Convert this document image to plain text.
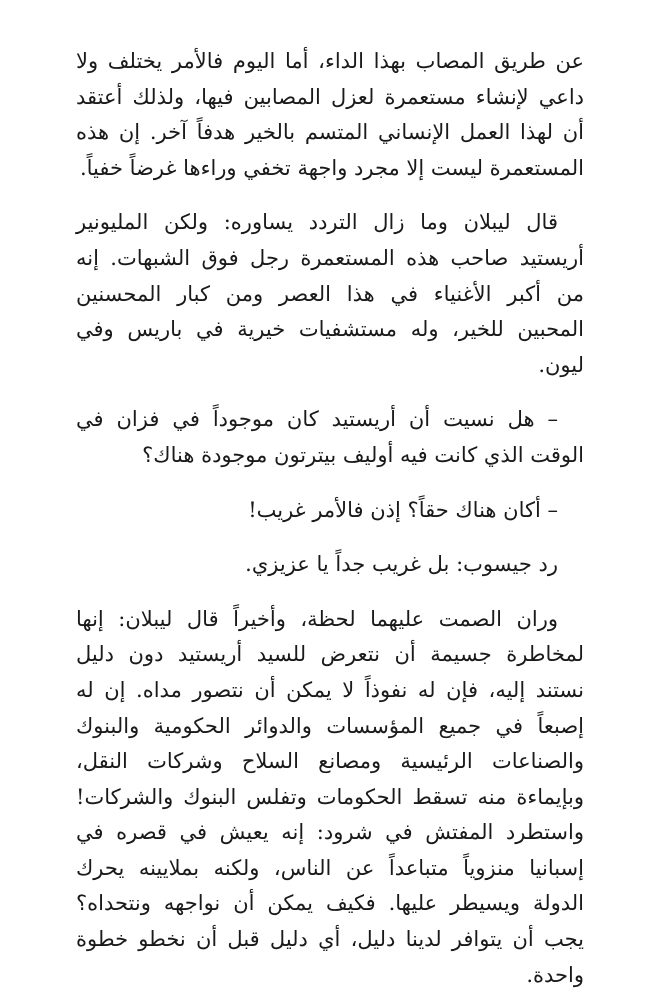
عن طريق المصاب بهذا الداء، أما اليوم فالأمر يختلف ولا داعي لإنشاء مستعمرة لعزل المصابين فيها، ولذلك أعتقد أن لهذا العمل الإنساني المتسم بالخير هدفاً آخر. إن هذه المستعمرة ليست إلا مجرد واجهة تخفي وراءها غرضاً خفياً.

قال ليبلان وما زال التردد يساوره: ولكن المليونير أريستيد صاحب هذه المستعمرة رجل فوق الشبهات. إنه من أكبر الأغنياء في هذا العصر ومن كبار المحسنين المحبين للخير، وله مستشفيات خيرية في باريس وفي ليون.

– هل نسيت أن أريستيد كان موجوداً في فزان في الوقت الذي كانت فيه أوليف بيترتون موجودة هناك؟

– أكان هناك حقاً؟ إذن فالأمر غريب!

رد جيسوب: بل غريب جداً يا عزيزي.

وران الصمت عليهما لحظة، وأخيراً قال ليبلان: إنها لمخاطرة جسيمة أن نتعرض للسيد أريستيد دون دليل نستند إليه، فإن له نفوذاً لا يمكن أن نتصور مداه. إن له إصبعاً في جميع المؤسسات والدوائر الحكومية والبنوك والصناعات الرئيسية ومصانع السلاح وشركات النقل، وبإيماءة منه تسقط الحكومات وتفلس البنوك والشركات! واستطرد المفتش في شرود: إنه يعيش في قصره في إسبانيا منزوياً متباعداً عن الناس، ولكنه بملايينه يحرك الدولة ويسيطر عليها. فكيف يمكن أن نواجهه ونتحداه؟ يجب أن يتوافر لدينا دليل، أي دليل قبل أن نخطو خطوة واحدة.
